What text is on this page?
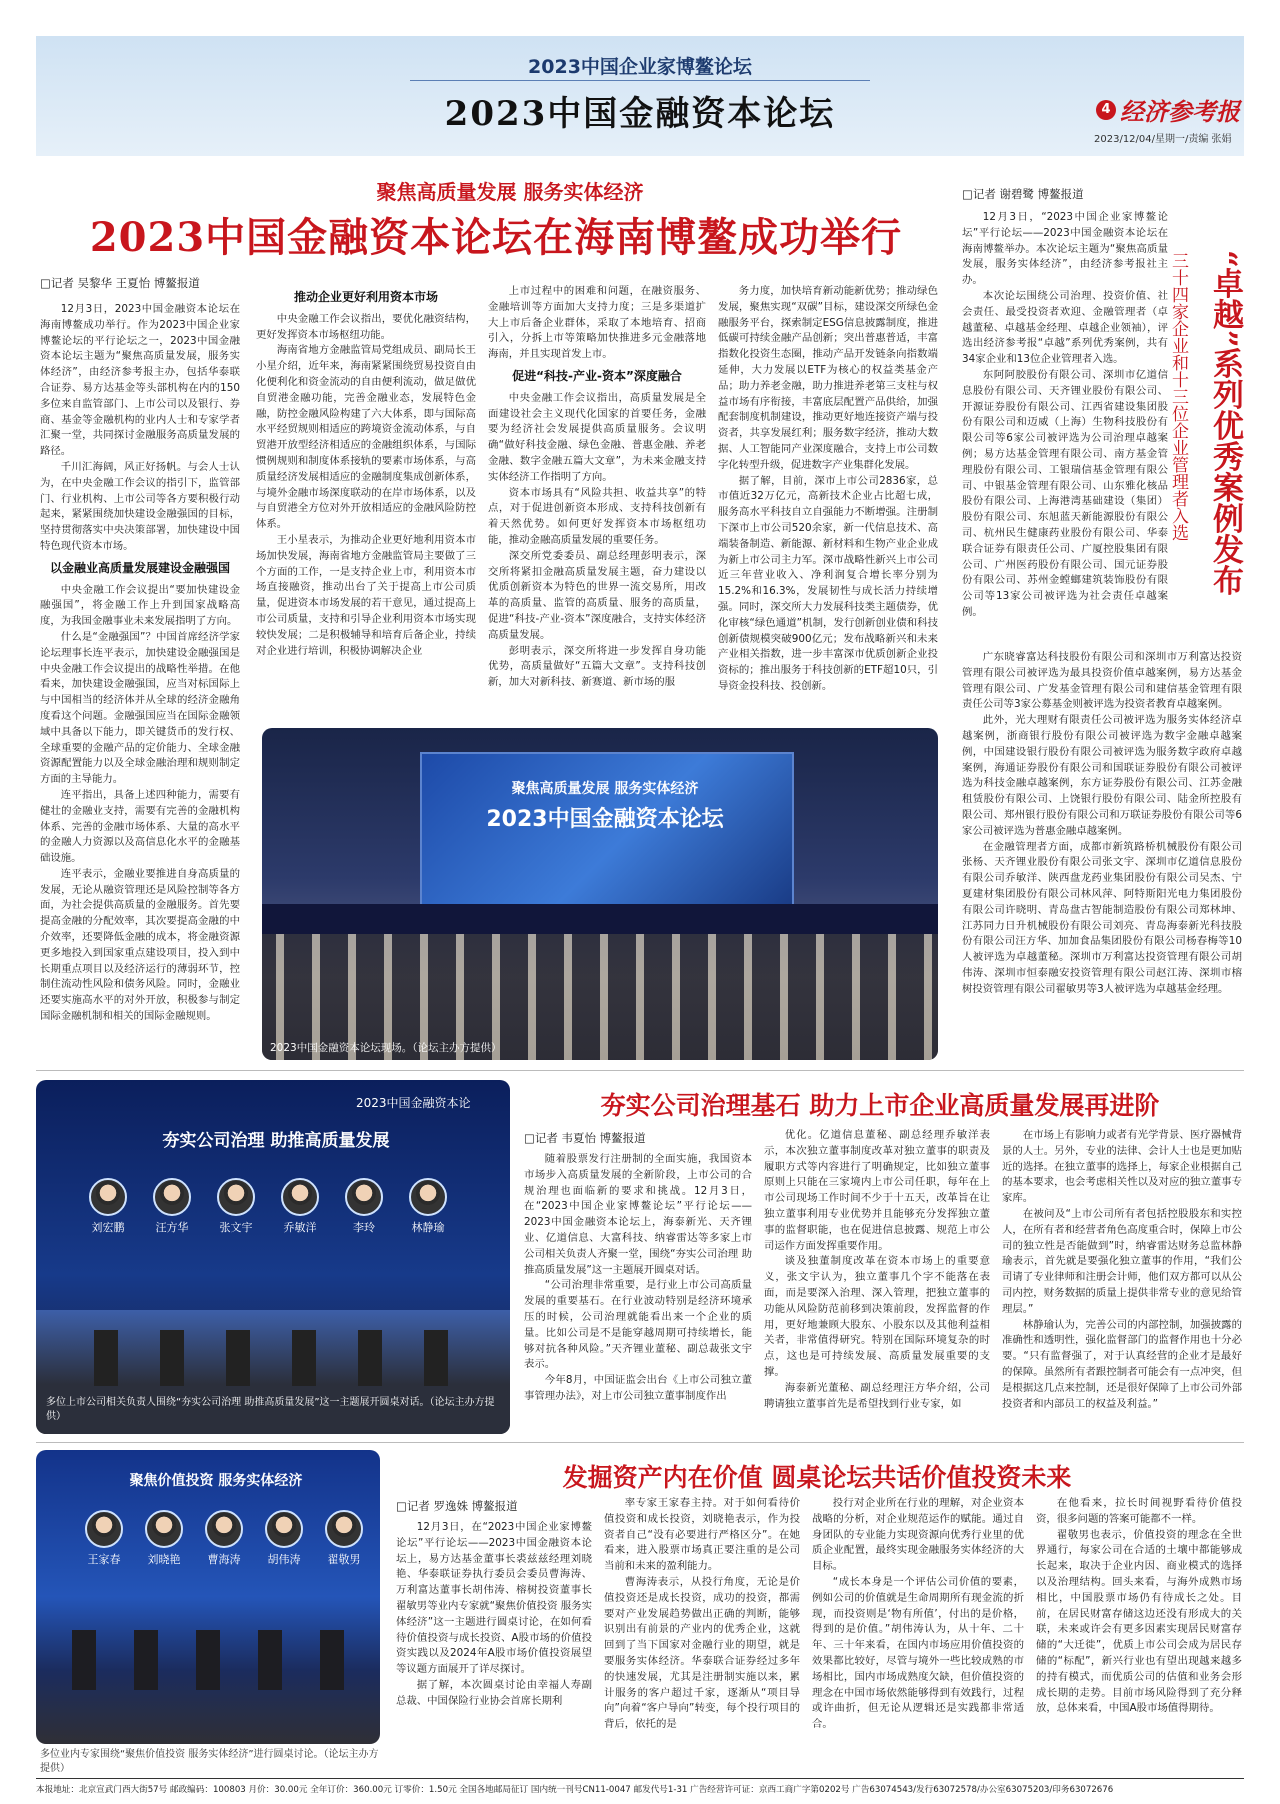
2023中国企业家博鳌论坛
2023中国金融资本论坛	4 经济参考报
2023/12/04/星期一/责编 张娟
聚焦高质量发展 服务实体经济
2023中国金融资本论坛在海南博鳌成功举行
□记者 吴黎华 王夏怡 博鳌报道

12月3日，2023中国金融资本论坛在海南博鳌成功举行。作为2023中国企业家博鳌论坛的平行论坛之一，2023中国金融资本论坛主题为“聚焦高质量发展，服务实体经济”，由经济参考报主办，包括华泰联合证券、易方达基金等头部机构在内的150多位来自监管部门、上市公司以及银行、券商、基金等金融机构的业内人士和专家学者汇聚一堂，共同探讨金融服务高质量发展的路径。

千川汇海阔，风正好扬帆。与会人士认为，在中央金融工作会议的指引下，监管部门、行业机构、上市公司等各方要积极行动起来，紧紧围绕加快建设金融强国的目标，坚持贯彻落实中央决策部署，加快建设中国特色现代资本市场。

以金融业高质量发展建设金融强国

中央金融工作会议提出“要加快建设金融强国”，将金融工作上升到国家战略高度，为我国金融事业未来发展指明了方向。

什么是“金融强国”？中国首席经济学家论坛理事长连平表示，加快建设金融强国是中央金融工作会议提出的战略性举措。在他看来，加快建设金融强国，应当对标国际上与中国相当的经济体并从全球的经济金融角度看这个问题。金融强国应当在国际金融领域中具备以下能力，即关键货币的发行权、全球重要的金融产品的定价能力、全球金融资源配置能力以及全球金融治理和规则制定方面的主导能力。

连平指出，具备上述四种能力，需要有健壮的金融业支持，需要有完善的金融机构体系、完善的金融市场体系、大量的高水平的金融人力资源以及高信息化水平的金融基础设施。

连平表示，金融业要推进自身高质量的发展，无论从融资管理还是风险控制等各方面，为社会提供高质量的金融服务。首先要提高金融的分配效率，其次要提高金融的中介效率，还要降低金融的成本，将金融资源更多地投入到国家重点建设项目，投入到中长期重点项目以及经济运行的薄弱环节，控制住流动性风险和债务风险。同时，金融业还要实施高水平的对外开放，积极参与制定国际金融机制和相关的国际金融规则。

推动企业更好利用资本市场

中央金融工作会议指出，要优化融资结构，更好发挥资本市场枢纽功能。

海南省地方金融监管局党组成员、副局长王小星介绍，近年来，海南紧紧围绕贸易投资自由化便利化和资金流动的自由便利流动，做足做优自贸港金融功能，完善金融业态，发展特色金融，防控金融风险构建了六大体系，即与国际高水平经贸规则相适应的跨境资金流动体系，与自贸港开放型经济相适应的金融组织体系，与国际惯例规则和制度体系接轨的要素市场体系，与高质量经济发展相适应的金融制度集成创新体系，与境外金融市场深度联动的在岸市场体系，以及与自贸港全方位对外开放相适应的金融风险防控体系。

王小星表示，为推动企业更好地利用资本市场加快发展，海南省地方金融监管局主要做了三个方面的工作，一是支持企业上市，利用资本市场直接融资，推动出台了关于提高上市公司质量，促进资本市场发展的若干意见，通过提高上市公司质量，支持和引导企业利用资本市场实现较快发展；二是积极辅导和培育后备企业，持续对企业进行培训，积极协调解决企业

上市过程中的困难和问题，在融资服务、金融培训等方面加大支持力度；三是多渠道扩大上市后备企业群体，采取了本地培育、招商引入，分拆上市等策略加快推进多元金融落地海南，并且实现首发上市。

促进“科技-产业-资本”深度融合

中央金融工作会议指出，高质量发展是全面建设社会主义现代化国家的首要任务，金融要为经济社会发展提供高质量服务。会议明确“做好科技金融、绿色金融、普惠金融、养老金融、数字金融五篇大文章”，为未来金融支持实体经济工作指明了方向。

资本市场具有“风险共担、收益共享”的特点，对于促进创新资本形成、支持科技创新有着天然优势。如何更好发挥资本市场枢纽功能，推动金融高质量发展的重要任务。

深交所党委委员、副总经理彭明表示，深交所将紧扣金融高质量发展主题，奋力建设以优质创新资本为特色的世界一流交易所，用改革的高质量、监管的高质量、服务的高质量，促进“科技-产业-资本”深度融合，支持实体经济高质量发展。

彭明表示，深交所将进一步发挥自身功能优势，高质量做好“五篇大文章”。支持科技创新，加大对新科技、新赛道、新市场的服

务力度，加快培育新动能新优势；推动绿色发展，聚焦实现“双碳”目标，建设深交所绿色金融服务平台，探索制定ESG信息披露制度，推进低碳可持续金融产品创新；突出普惠普适，丰富指数化投资生态圈，推动产品开发链条向指数端延伸，大力发展以ETF为核心的权益类基金产品；助力养老金融，助力推进养老第三支柱与权益市场有序衔接，丰富底层配置产品供给，加强配套制度机制建设，推动更好地连接资产端与投资者，共享发展红利；服务数字经济，推动大数据、人工智能同产业深度融合，支持上市公司数字化转型升级，促进数字产业集群化发展。

据了解，目前，深市上市公司2836家，总市值近32万亿元，高新技术企业占比超七成，服务高水平科技自立自强能力不断增强。注册制下深市上市公司520余家，新一代信息技术、高端装备制造、新能源、新材料和生物产业企业成为新上市公司主力军。深市战略性新兴上市公司近三年营业收入、净利润复合增长率分别为15.2%和16.3%，发展韧性与成长活力持续增强。同时，深交所大力发展科技类主题债券，优化审核“绿色通道”机制，发行创新创业债和科技创新债规模突破900亿元；发布战略新兴和未来产业相关指数，进一步丰富深市优质创新企业投资标的；推出服务于科技创新的ETF超10只，引导资金投科技、投创新。

聚焦高质量发展 服务实体经济
2023中国金融资本论坛
2023中国金融资本论坛现场。（论坛主办方提供）
□记者 谢碧鹭 博鳌报道
“卓越”系列优秀案例发布
三十四家企业和十三位企业管理者入选

12月3日，“2023中国企业家博鳌论坛”平行论坛——2023中国金融资本论坛在海南博鳌举办。本次论坛主题为“聚焦高质量发展，服务实体经济”，由经济参考报社主办。

本次论坛围绕公司治理、投资价值、社会责任、最受投资者欢迎、金融管理者（卓越董秘、卓越基金经理、卓越企业领袖），评选出经济参考报“卓越”系列优秀案例，共有34家企业和13位企业管理者入选。

东阿阿胶股份有限公司、深圳市亿道信息股份有限公司、天齐锂业股份有限公司、开源证券股份有限公司、江西省建设集团股份有限公司和迈威（上海）生物科技股份有限公司等6家公司被评选为公司治理卓越案例；易方达基金管理有限公司、南方基金管理股份有限公司、工银瑞信基金管理有限公司、中银基金管理有限公司、山东雅化核品股份有限公司、上海港湾基础建设（集团）股份有限公司、东旭蓝天新能源股份有限公司、杭州民生健康药业股份有限公司、华泰联合证券有限责任公司、广厦控股集团有限公司、广州医药股份有限公司、国元证券股份有限公司、苏州金螳螂建筑装饰股份有限公司等13家公司被评选为社会责任卓越案例。

广东晓睿富达科技股份有限公司和深圳市万利富达投资管理有限公司被评选为最具投资价值卓越案例，易方达基金管理有限公司、广发基金管理有限公司和建信基金管理有限责任公司等3家公募基金则被评选为投资者教育卓越案例。

此外，光大理财有限责任公司被评选为服务实体经济卓越案例，浙商银行股份有限公司被评选为数字金融卓越案例，中国建设银行股份有限公司被评选为服务数字政府卓越案例，海通证券股份有限公司和国联证券股份有限公司被评选为科技金融卓越案例，东方证券股份有限公司、江苏金融租赁股份有限公司、上饶银行股份有限公司、陆金所控股有限公司、郑州银行股份有限公司和万联证券股份有限公司等6家公司被评选为普惠金融卓越案例。

在金融管理者方面，成都市新筑路桥机械股份有限公司张杨、天齐锂业股份有限公司张文宇、深圳市亿道信息股份有限公司乔敏洋、陕西盘龙药业集团股份有限公司吴杰、宁夏建材集团股份有限公司林风萍、阿特斯阳光电力集团股份有限公司许晓明、青岛盘古智能制造股份有限公司郑林坤、江苏同力日升机械股份有限公司刘亮、青岛海泰新光科技股份有限公司汪方华、加加食品集团股份有限公司杨春梅等10人被评选为卓越董秘。深圳市万利富达投资管理有限公司胡伟涛、深圳市恒泰融安投资管理有限公司赵江涛、深圳市榕树投资管理有限公司翟敏男等3人被评选为卓越基金经理。

2023中国金融资本论
夯实公司治理 助推高质量发展
刘宏鹏	汪方华	张文宇	乔敏洋	李玲	林静瑜
多位上市公司相关负责人围绕“夯实公司治理 助推高质量发展”这一主题展开圆桌对话。（论坛主办方提供）
夯实公司治理基石 助力上市企业高质量发展再进阶
□记者 韦夏怡 博鳌报道

随着股票发行注册制的全面实施，我国资本市场步入高质量发展的全新阶段，上市公司的合规治理也面临新的要求和挑战。12月3日，在“2023中国企业家博鳌论坛”平行论坛——2023中国金融资本论坛上，海泰新光、天齐锂业、亿道信息、大富科技、纳睿雷达等多家上市公司相关负责人齐聚一堂，围绕“夯实公司治理 助推高质量发展”这一主题展开圆桌对话。

“公司治理非常重要，是行业上市公司高质量发展的重要基石。在行业波动特别是经济环境承压的时候，公司治理就能看出来一个企业的质量。比如公司是不是能穿越周期可持续增长，能够对抗各种风险。”天齐锂业董秘、副总裁张文宇表示。

今年8月，中国证监会出台《上市公司独立董事管理办法》，对上市公司独立董事制度作出

优化。亿道信息董秘、副总经理乔敏洋表示，本次独立董事制度改革对独立董事的职责及履职方式等内容进行了明确规定，比如独立董事原则上只能在三家境内上市公司任职，每年在上市公司现场工作时间不少于十五天，改革旨在让独立董事利用专业优势并且能够充分发挥独立董事的监督职能，也在促进信息披露、规范上市公司运作方面发挥重要作用。

谈及独董制度改革在资本市场上的重要意义，张文宇认为，独立董事几个字不能落在表面，而是要深入治理、深入管理，把独立董事的功能从风险防范前移到决策前段，发挥监督的作用，更好地兼顾大股东、小股东以及其他利益相关者，非常值得研究。特别在国际环境复杂的时点，这也是可持续发展、高质量发展重要的支撑。

海泰新光董秘、副总经理汪方华介绍，公司聘请独立董事首先是希望找到行业专家，如

在市场上有影响力或者有光学背景、医疗器械背景的人士。另外，专业的法律、会计人士也是更加贴近的选择。在独立董事的选择上，每家企业根据自己的基本要求，也会考虑相关性以及对应的独立董事专家库。

在被问及“上市公司所有者包括控股股东和实控人，在所有者和经营者角色高度重合时，保障上市公司的独立性是否能做到”时，纳睿雷达财务总监林静瑜表示，首先就是要强化独立董事的作用，“我们公司请了专业律师和注册会计师，他们双方都可以从公司内控，财务数据的质量上提供非常专业的意见给管理层。”

林静瑜认为，完善公司的内部控制，加强披露的准确性和透明性，强化监督部门的监督作用也十分必要。“只有监督强了，对于认真经营的企业才是最好的保障。虽然所有者跟控制者可能会有一点冲突，但是根据这几点来控制，还是很好保障了上市公司外部投资者和内部员工的权益及利益。”

聚焦价值投资 服务实体经济
王家春	刘晓艳	曹海涛	胡伟涛	翟敬男
多位业内专家围绕“聚焦价值投资 服务实体经济”进行圆桌讨论。（论坛主办方提供）
发掘资产内在价值 圆桌论坛共话价值投资未来
□记者 罗逸姝 博鳌报道

12月3日，在“2023中国企业家博鳌论坛”平行论坛——2023中国金融资本论坛上，易方达基金董事长裘兹兹经理刘晓艳、华泰联证券执行委员会委员曹海涛、万利富达董事长胡伟涛、榕树投资董事长翟敏男等业内专家就“聚焦价值投资 服务实体经济”这一主题进行圆桌讨论，在如何看待价值投资与成长投资、A股市场的价值投资实践以及2024年A股市场价值投资展望等议题方面展开了详尽探讨。

据了解，本次圆桌讨论由幸福人寿副总裁、中国保险行业协会首席长期利

率专家王家春主持。对于如何看待价值投资和成长投资，刘晓艳表示，作为投资者自己“没有必要进行严格区分”。在她看来，进入股票市场真正要注重的是公司当前和未来的盈利能力。

曹海涛表示，从投行角度，无论是价值投资还是成长投资，成功的投资，都需要对产业发展趋势做出正确的判断，能够识别出有前景的产业内的优秀企业，这就回到了当下国家对金融行业的期望，就是要服务实体经济。华泰联合证券经过多年的快速发展，尤其是注册制实施以来，累计服务的客户超过千家，逐渐从“项目导向”向着“客户导向”转变，每个投行项目的背后，依托的是

投行对企业所在行业的理解，对企业资本战略的分析，对企业规范运作的赋能。通过自身团队的专业能力实现资源向优秀行业里的优质企业配置，最终实现金融服务实体经济的大目标。

“成长本身是一个评估公司价值的要素，例如公司的价值就是生命周期所有现金流的折现，而投资则是‘物有所值’，付出的是价格，得到的是价值。”胡伟涛认为，从十年、二十年、三十年来看，在国内市场应用价值投资的效果都比较好，尽管与境外一些比较成熟的市场相比，国内市场成熟度欠缺，但价值投资的理念在中国市场依然能够得到有效践行，过程或许曲折，但无论从逻辑还是实践都非常适合。

在他看来，拉长时间视野看待价值投资，很多问题的答案可能都不一样。

翟敬男也表示，价值投资的理念在全世界通行，每家公司在合适的土壤中都能够成长起来，取决于企业内因、商业模式的选择以及治理结构。回头来看，与海外成熟市场相比，中国股票市场仍有待成长之处。目前，在居民财富存储这边还没有形成大的关联，未来或许会有更多因素实现居民财富存储的“大迁徙”，优质上市公司会成为居民存储的“标配”，新兴行业也有望出现越来越多的持有模式，而优质公司的估值和业务会形成长期的走势。目前市场风险得到了充分释放，总体来看，中国A股市场值得期待。

本报地址：北京宣武门西大街57号 邮政编码：100803 月价：30.00元 全年订价：360.00元 订零价：1.50元 全国各地邮局征订 国内统一刊号CN11-0047 邮发代号1-31 广告经营许可证：京西工商广字第0202号 广告63074543/发行63072578/办公室63075203/印务63072676
